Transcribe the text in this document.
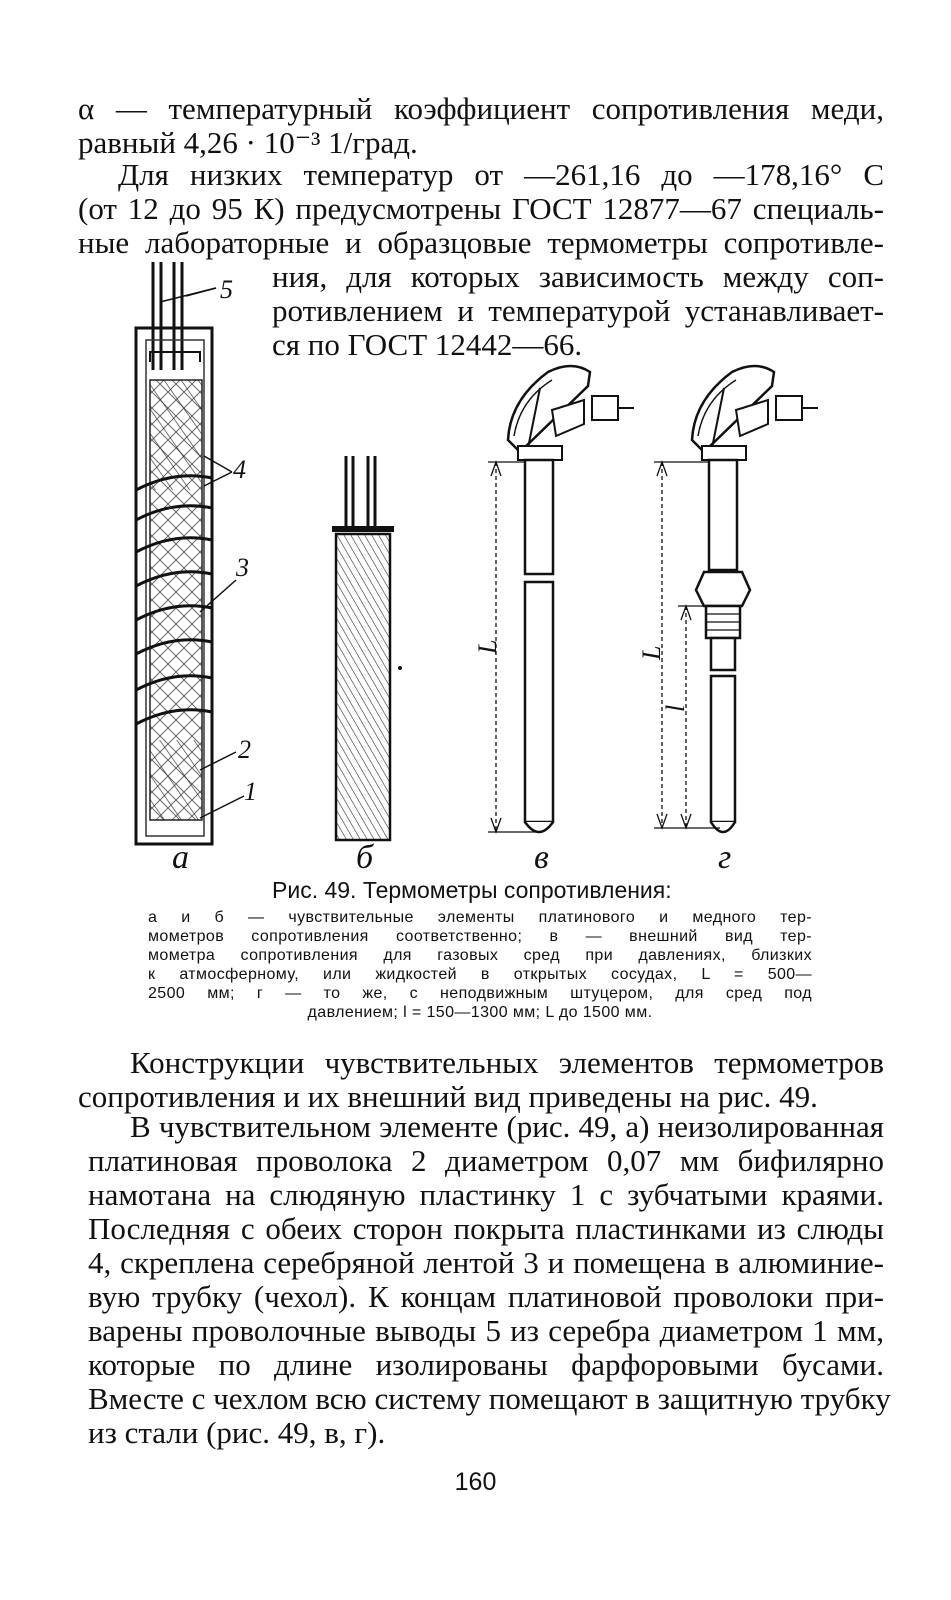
α — температурный коэффициент сопротивления меди,
равный 4,26 · 10⁻³ 1/град.
Для низких температур от —261,16 до —178,16° С
(от 12 до 95 К) предусмотрены ГОСТ 12877—67 специаль-
ные лабораторные и образцовые термометры сопротивле-
ния, для которых зависимость между соп-
ротивлением и температурой устанавливает-
ся по ГОСТ 12442—66.
5
4
3
2
1
L	L
l
а	б	в	г
Рис. 49. Термометры сопротивления:
а и б — чувствительные элементы платинового и медного тер-
мометров сопротивления соответственно; в — внешний вид тер-
мометра сопротивления для газовых сред при давлениях, близких
к атмосферному, или жидкостей в открытых сосудах, L = 500—
2500 мм; г — то же, с неподвижным штуцером, для сред под
давлением; l = 150—1300 мм; L до 1500 мм.
Конструкции чувствительных элементов термометров
сопротивления и их внешний вид приведены на рис. 49.
В чувствительном элементе (рис. 49, а) неизолированная
платиновая проволока 2 диаметром 0,07 мм бифилярно
намотана на слюдяную пластинку 1 с зубчатыми краями.
Последняя с обеих сторон покрыта пластинками из слюды
4, скреплена серебряной лентой 3 и помещена в алюминие-
вую трубку (чехол). К концам платиновой проволоки при-
варены проволочные выводы 5 из серебра диаметром 1 мм,
которые по длине изолированы фарфоровыми бусами.
Вместе с чехлом всю систему помещают в защитную трубку
из стали (рис. 49, в, г).
160
